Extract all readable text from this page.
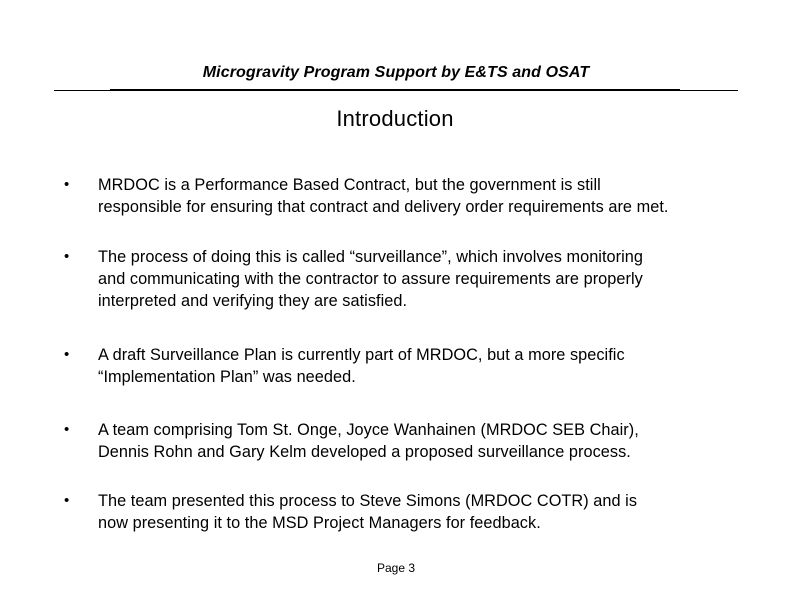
Microgravity Program Support by E&TS and OSAT
Introduction
• MRDOC is a Performance Based Contract, but the government is still
responsible for ensuring that contract and delivery order requirements are met.
• The process of doing this is called “surveillance”, which involves monitoring
and communicating with the contractor to assure requirements are properly
interpreted and verifying they are satisfied.
• A draft Surveillance Plan is currently part of MRDOC, but a more specific
“Implementation Plan” was needed.
• A team comprising Tom St. Onge, Joyce Wanhainen (MRDOC SEB Chair),
Dennis Rohn and Gary Kelm developed a proposed surveillance process.
• The team presented this process to Steve Simons (MRDOC COTR) and is
now presenting it to the MSD Project Managers for feedback.
Page 3
